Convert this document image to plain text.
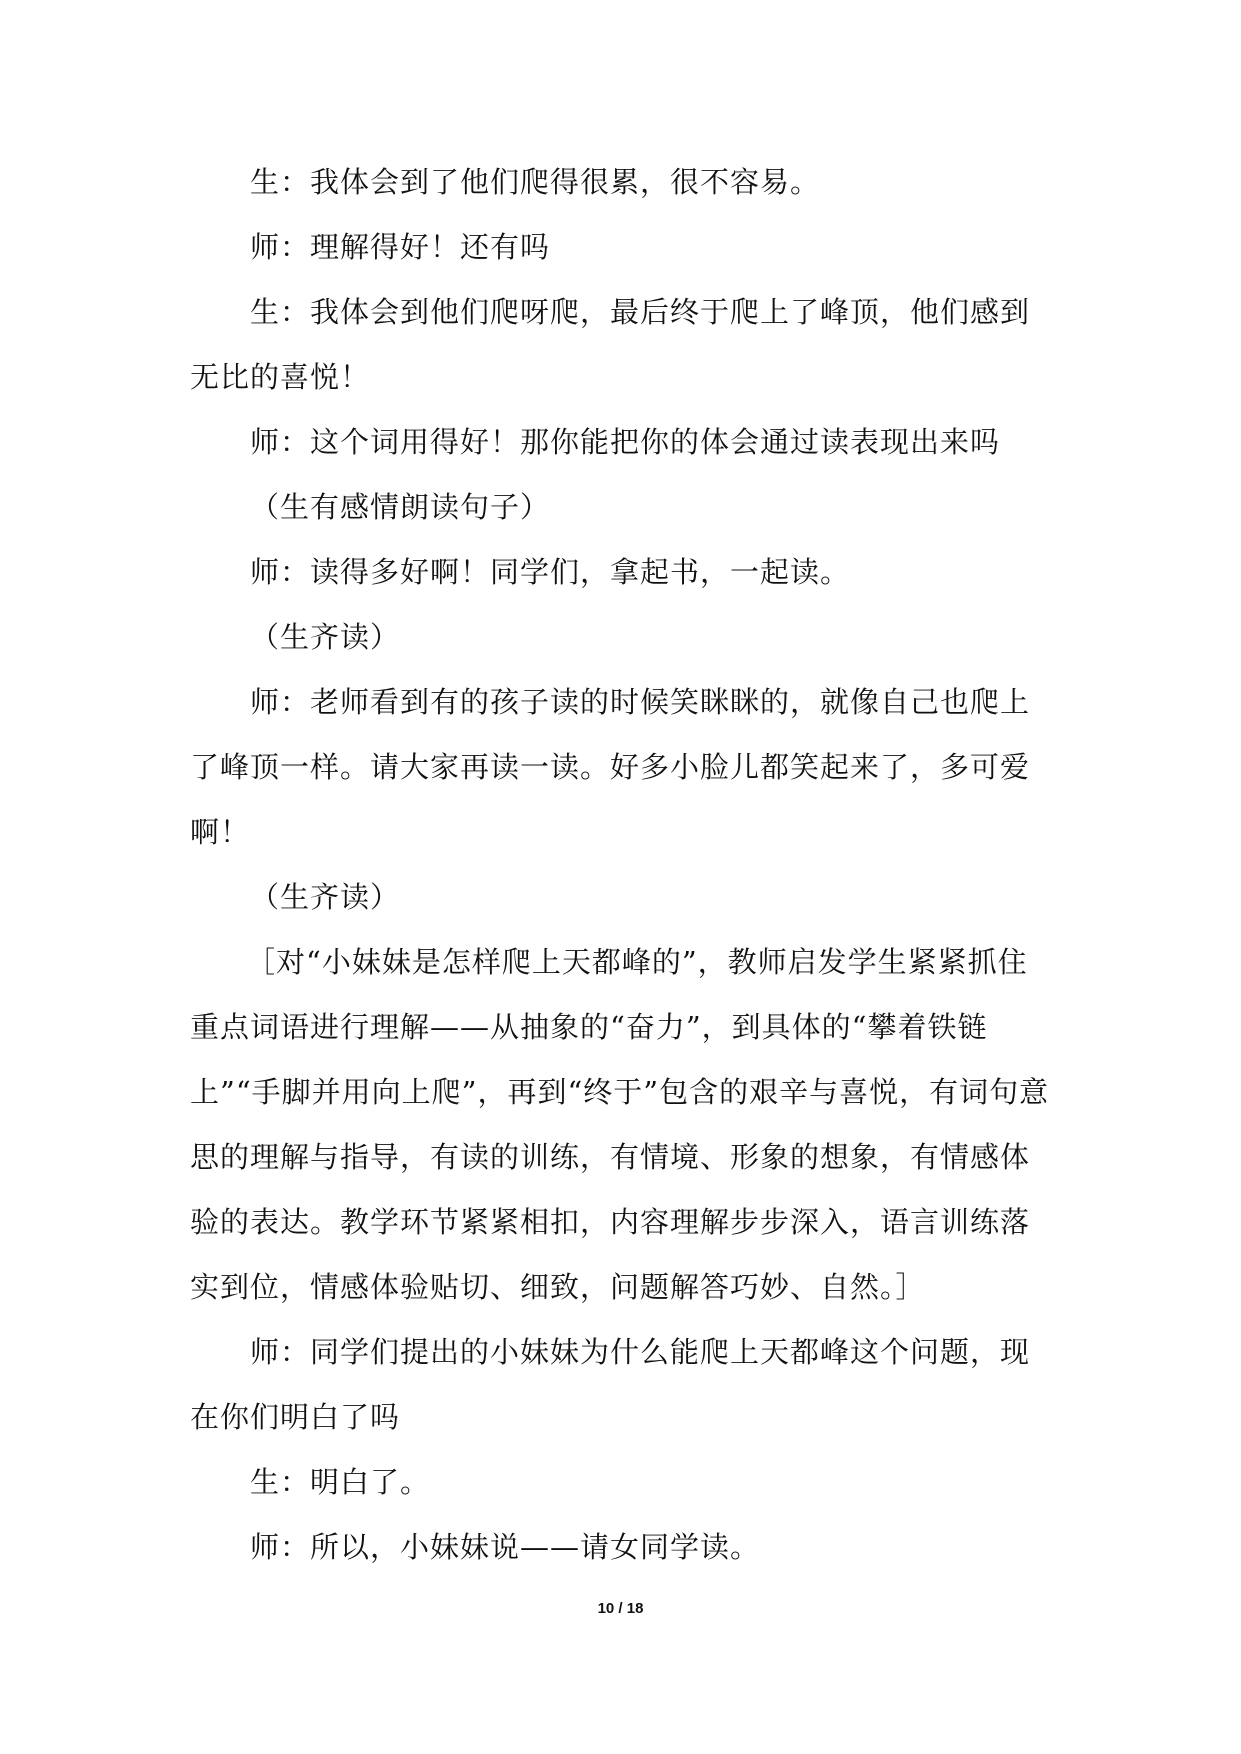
生：我体会到了他们爬得很累，很不容易。

师：理解得好！还有吗

生：我体会到他们爬呀爬，最后终于爬上了峰顶，他们感到无比的喜悦！

师：这个词用得好！那你能把你的体会通过读表现出来吗

（生有感情朗读句子）

师：读得多好啊！同学们，拿起书，一起读。

（生齐读）

师：老师看到有的孩子读的时候笑眯眯的，就像自己也爬上了峰顶一样。请大家再读一读。好多小脸儿都笑起来了，多可爱啊！

（生齐读）

［对“小妹妹是怎样爬上天都峰的”，教师启发学生紧紧抓住重点词语进行理解——从抽象的“奋力”，到具体的“攀着铁链上”“手脚并用向上爬”，再到“终于”包含的艰辛与喜悦，有词句意思的理解与指导，有读的训练，有情境、形象的想象，有情感体验的表达。教学环节紧紧相扣，内容理解步步深入，语言训练落实到位，情感体验贴切、细致，问题解答巧妙、自然。］

师：同学们提出的小妹妹为什么能爬上天都峰这个问题，现在你们明白了吗

生：明白了。

师：所以，小妹妹说——请女同学读。

10 / 18
